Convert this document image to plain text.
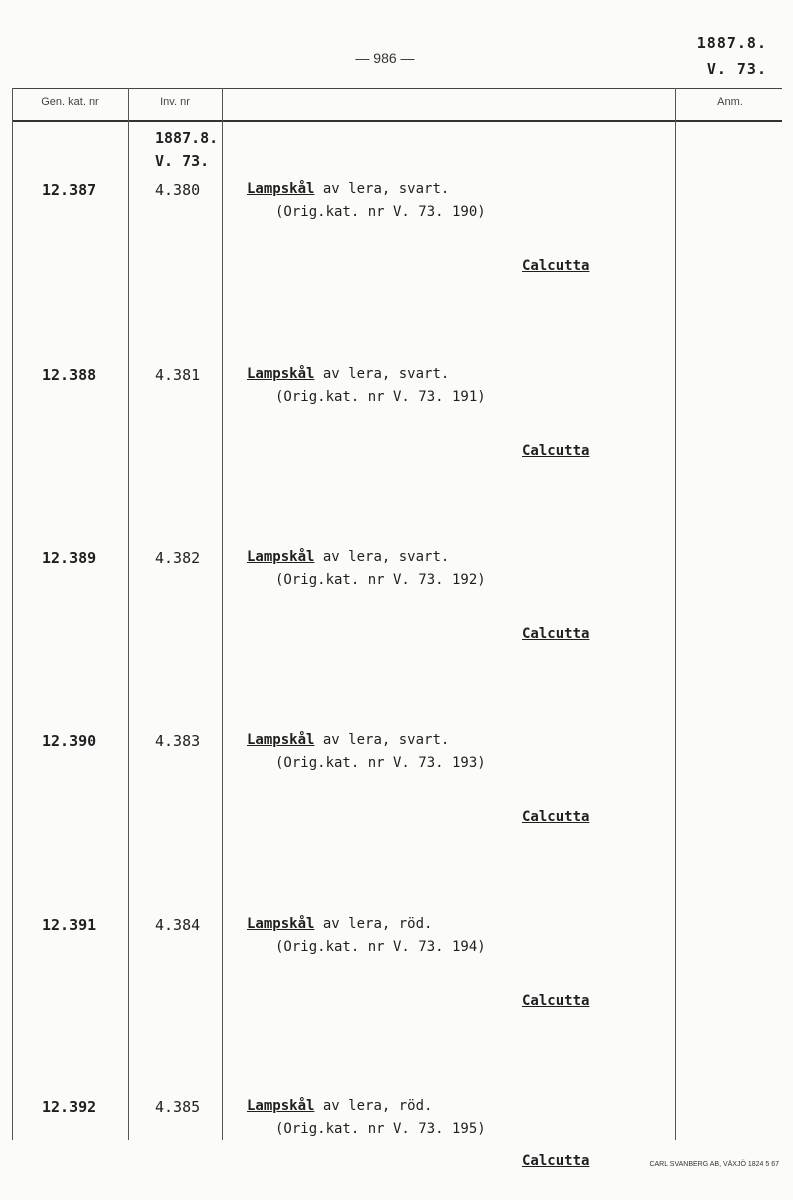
— 986 —
1887.8.
V. 73.
Gen. kat. nr	Inv. nr	Anm.
1887.8.
V. 73.
12.387	4.380	Lampskål av lera, svart.
(Orig.kat. nr V. 73. 190)
Calcutta
12.388	4.381	Lampskål av lera, svart.
(Orig.kat. nr V. 73. 191)
Calcutta
12.389	4.382	Lampskål av lera, svart.
(Orig.kat. nr V. 73. 192)
Calcutta
12.390	4.383	Lampskål av lera, svart.
(Orig.kat. nr V. 73. 193)
Calcutta
12.391	4.384	Lampskål av lera, röd.
(Orig.kat. nr V. 73. 194)
Calcutta
12.392	4.385	Lampskål av lera, röd.
(Orig.kat. nr V. 73. 195)
Calcutta	CARL SVANBERG AB, VÄXJÖ 1824 5 67
